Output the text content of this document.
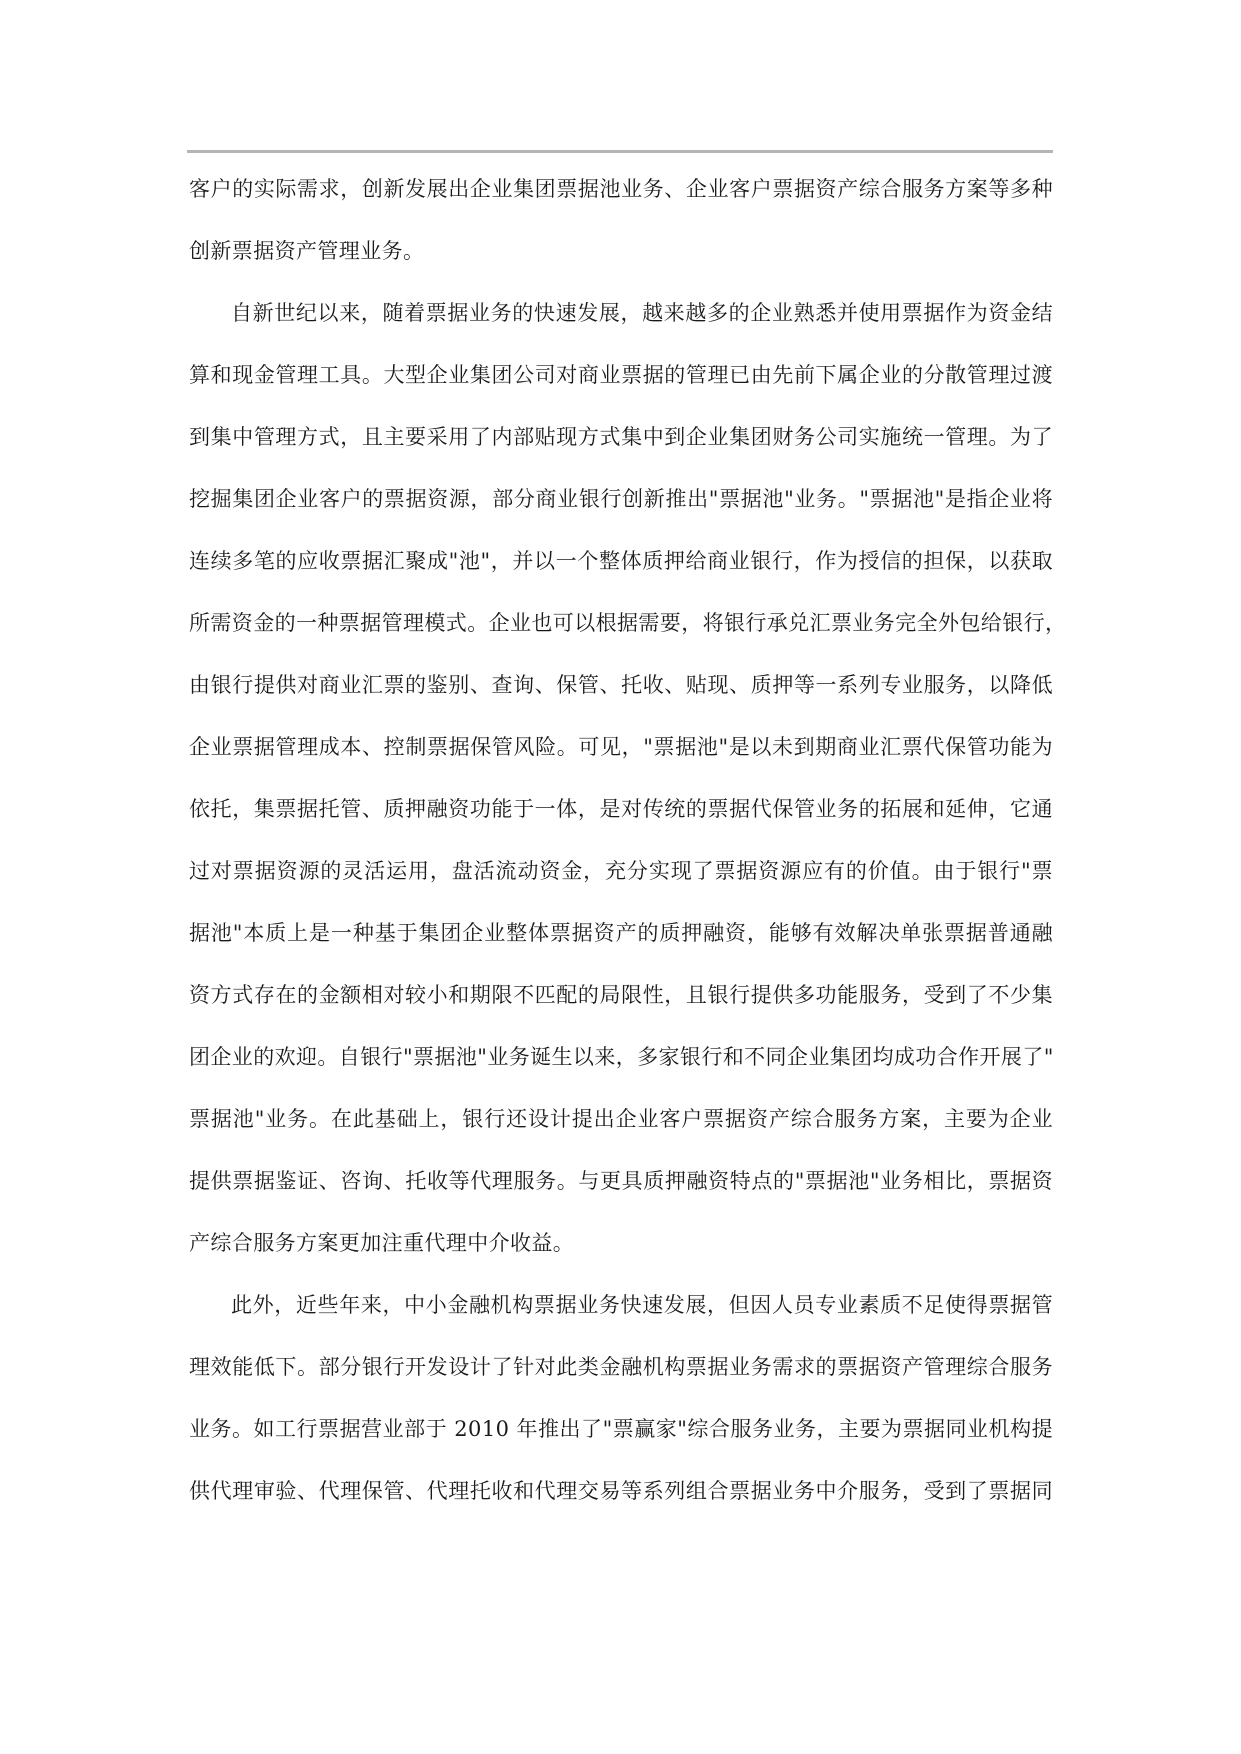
客户的实际需求，创新发展出企业集团票据池业务、企业客户票据资产综合服务方案等多种
创新票据资产管理业务。
自新世纪以来，随着票据业务的快速发展，越来越多的企业熟悉并使用票据作为资金结
算和现金管理工具。大型企业集团公司对商业票据的管理已由先前下属企业的分散管理过渡
到集中管理方式，且主要采用了内部贴现方式集中到企业集团财务公司实施统一管理。为了
挖掘集团企业客户的票据资源，部分商业银行创新推出"票据池"业务。"票据池"是指企业将
连续多笔的应收票据汇聚成"池"，并以一个整体质押给商业银行，作为授信的担保，以获取
所需资金的一种票据管理模式。企业也可以根据需要，将银行承兑汇票业务完全外包给银行，
由银行提供对商业汇票的鉴别、查询、保管、托收、贴现、质押等一系列专业服务，以降低
企业票据管理成本、控制票据保管风险。可见，"票据池"是以未到期商业汇票代保管功能为
依托，集票据托管、质押融资功能于一体，是对传统的票据代保管业务的拓展和延伸，它通
过对票据资源的灵活运用，盘活流动资金，充分实现了票据资源应有的价值。由于银行"票
据池"本质上是一种基于集团企业整体票据资产的质押融资，能够有效解决单张票据普通融
资方式存在的金额相对较小和期限不匹配的局限性，且银行提供多功能服务，受到了不少集
团企业的欢迎。自银行"票据池"业务诞生以来，多家银行和不同企业集团均成功合作开展了"
票据池"业务。在此基础上，银行还设计提出企业客户票据资产综合服务方案，主要为企业
提供票据鉴证、咨询、托收等代理服务。与更具质押融资特点的"票据池"业务相比，票据资
产综合服务方案更加注重代理中介收益。
此外，近些年来，中小金融机构票据业务快速发展，但因人员专业素质不足使得票据管
理效能低下。部分银行开发设计了针对此类金融机构票据业务需求的票据资产管理综合服务
业务。如工行票据营业部于 2010 年推出了"票赢家"综合服务业务，主要为票据同业机构提
供代理审验、代理保管、代理托收和代理交易等系列组合票据业务中介服务，受到了票据同
